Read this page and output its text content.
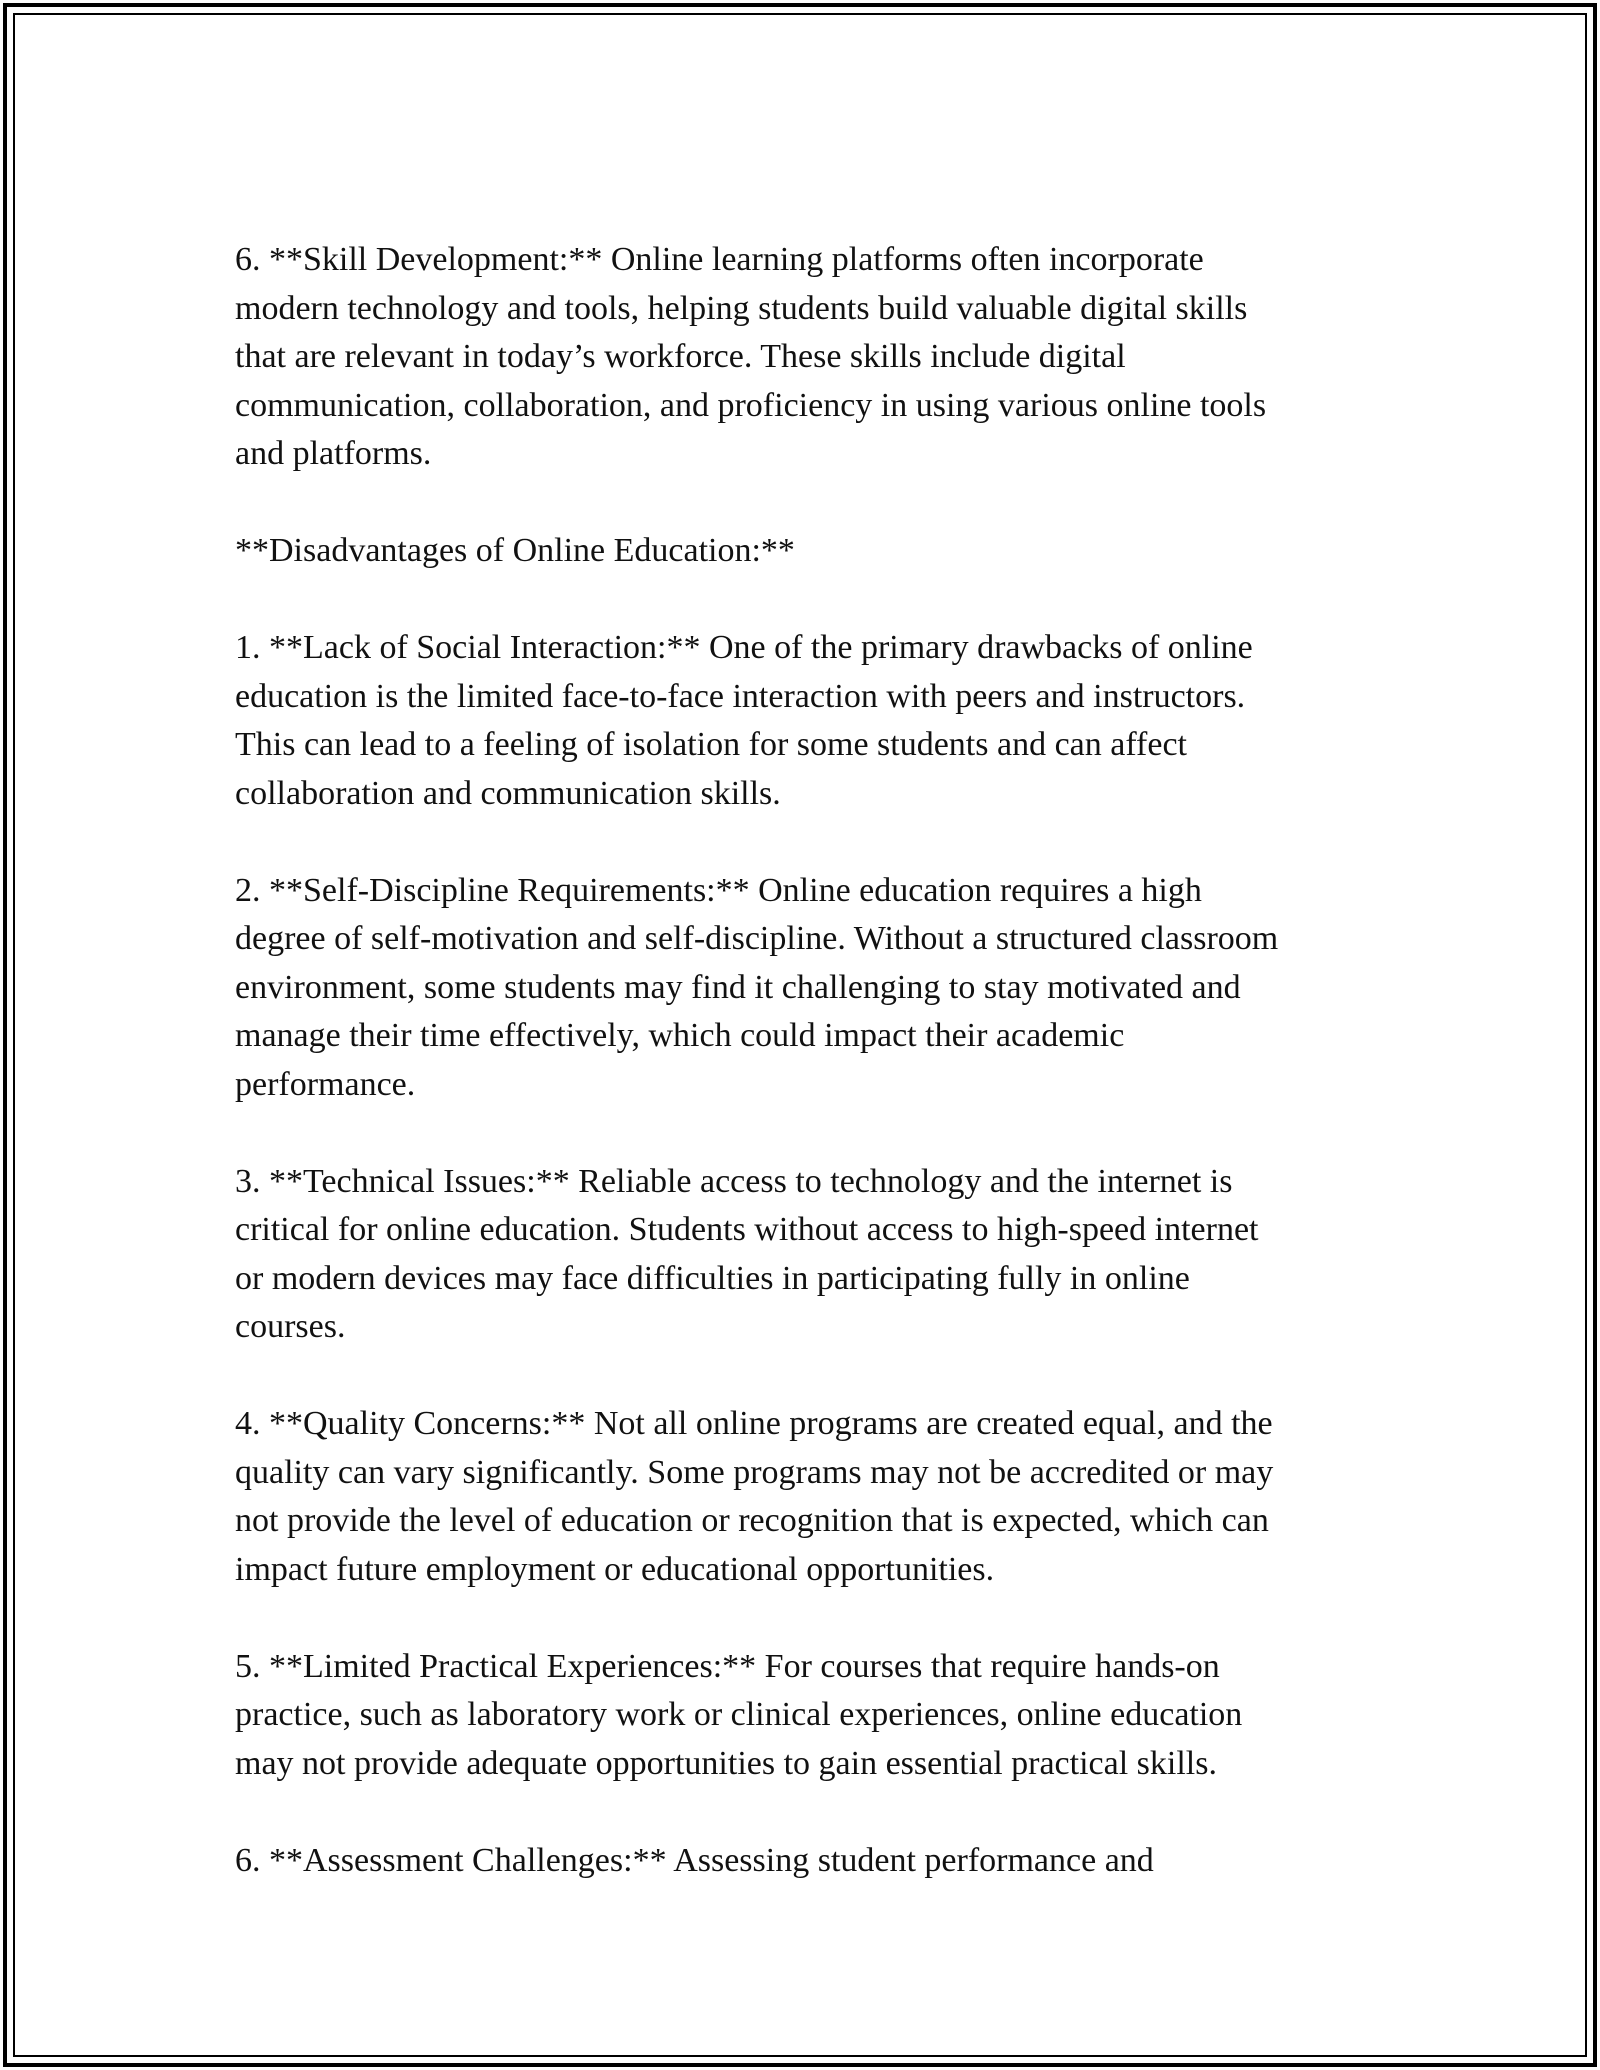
6. **Skill Development:** Online learning platforms often incorporate
modern technology and tools, helping students build valuable digital skills
that are relevant in today’s workforce. These skills include digital
communication, collaboration, and proficiency in using various online tools
and platforms.

**Disadvantages of Online Education:**

1. **Lack of Social Interaction:** One of the primary drawbacks of online
education is the limited face-to-face interaction with peers and instructors.
This can lead to a feeling of isolation for some students and can affect
collaboration and communication skills.

2. **Self-Discipline Requirements:** Online education requires a high
degree of self-motivation and self-discipline. Without a structured classroom
environment, some students may find it challenging to stay motivated and
manage their time effectively, which could impact their academic
performance.

3. **Technical Issues:** Reliable access to technology and the internet is
critical for online education. Students without access to high-speed internet
or modern devices may face difficulties in participating fully in online
courses.

4. **Quality Concerns:** Not all online programs are created equal, and the
quality can vary significantly. Some programs may not be accredited or may
not provide the level of education or recognition that is expected, which can
impact future employment or educational opportunities.

5. **Limited Practical Experiences:** For courses that require hands-on
practice, such as laboratory work or clinical experiences, online education
may not provide adequate opportunities to gain essential practical skills.

6. **Assessment Challenges:** Assessing student performance and
